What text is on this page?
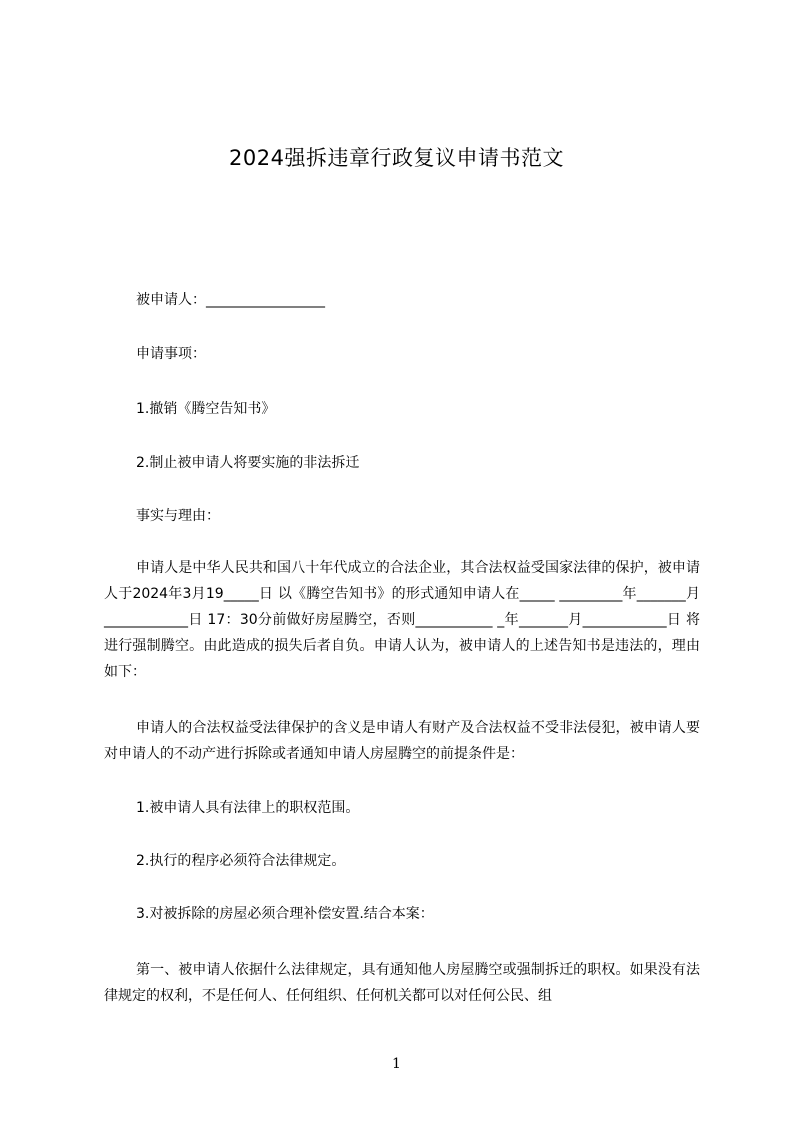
2024强拆违章行政复议申请书范文

被申请人：_________________

申请事项：

1.撤销《腾空告知书》

2.制止被申请人将要实施的非法拆迁

事实与理由：

申请人是中华人民共和国八十年代成立的合法企业，其合法权益受国家法律的保护，被申请人于2024年3月19_____日 以《腾空告知书》的形式通知申请人在_____ _________年_______月____________日 17：30分前做好房屋腾空，否则___________ _年_______月____________日 将进行强制腾空。由此造成的损失后者自负。申请人认为，被申请人的上述告知书是违法的，理由如下：

申请人的合法权益受法律保护的含义是申请人有财产及合法权益不受非法侵犯，被申请人要对申请人的不动产进行拆除或者通知申请人房屋腾空的前提条件是：

1.被申请人具有法律上的职权范围。

2.执行的程序必须符合法律规定。

3.对被拆除的房屋必须合理补偿安置.结合本案：

第一、被申请人依据什么法律规定，具有通知他人房屋腾空或强制拆迁的职权。如果没有法律规定的权利，不是任何人、任何组织、任何机关都可以对任何公民、组

1
